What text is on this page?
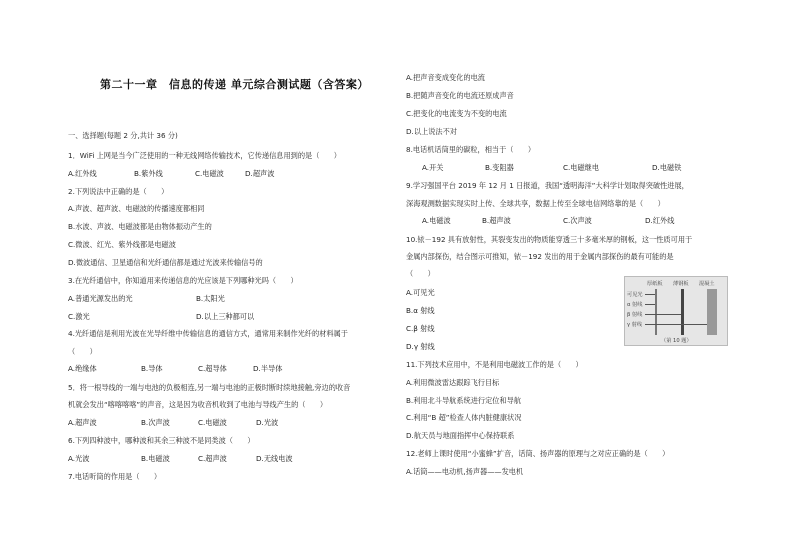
第二十一章　信息的传递 单元综合测试题（含答案）
一、选择题(每题 2 分,共计 36 分)
1．WiFi 上网是当今广泛使用的一种无线网络传输技术，它传递信息用到的是（　　）
A.红外线	B.紫外线	C.电磁波	D.超声波
2.下列说法中正确的是（　　）
A.声波、超声波、电磁波的传播速度都相同
B.水波、声波、电磁波都是由物体振动产生的
C.微波、红光、紫外线都是电磁波
D.微波通信、卫星通信和光纤通信都是通过光波来传输信号的
3.在光纤通信中，你知道用来传递信息的光应该是下列哪种光吗（　　）
A.普通光源发出的光	B.太阳光
C.激光	D.以上三种都可以
4.光纤通信是利用光波在光导纤维中传输信息的通信方式，通常用来制作光纤的材料属于
（　　）
A.绝缘体	B.导体	C.超导体	D.半导体
5．将一根导线的一端与电池的负极相连,另一端与电池的正极时断时续地接触,旁边的收音
机就会发出“喀喀喀喀”的声音，这是因为收音机收到了电池与导线产生的（　　）
A.超声波	B.次声波	C.电磁波	D.光波
6.下列四种波中，哪种波和其余三种波不是同类波（　　）
A.光波	B.电磁波	C.超声波	D.无线电波
7.电话听筒的作用是（　　）
A.把声音变成变化的电流
B.把随声音变化的电流还原成声音
C.把变化的电流变为不变的电流
D.以上说法不对
8.电话机话筒里的碳粒，相当于（　　）
A.开关	B.变阻器	C.电磁继电	D.电磁铁
9.学习强国平台 2019 年 12 月 1 日报道，我国“透明海洋”大科学计划取得突破性进展，
深海观测数据实现实时上传、全球共享，数据上传至全球电信网络靠的是（　　）
A.电磁波	B.超声波	C.次声波	D.红外线
10.铱－192 具有放射性，其裂变发出的物质能穿透三十多毫米厚的钢板，这一性质可用于
金属内部探伤，结合图示可推知，铱－192 发出的用于金属内部探伤的最有可能的是
（　　）
A.可见光
B.α 射线
C.β 射线
D.γ 射线
厚纸板 薄钢板 混凝土
可见光
α 射线
β 射线
γ 射线
（第 10 题）
11.下列技术应用中，不是利用电磁波工作的是（　　）
A.利用微波雷达跟踪飞行目标
B.利用北斗导航系统进行定位和导航
C.利用“B 超”检查人体内脏健康状况
D.航天员与地面指挥中心保持联系
12.老师上课时使用“小蜜蜂”扩音，话筒、扬声器的原理与之对应正确的是（　　）
A.话筒——电动机,扬声器——发电机
